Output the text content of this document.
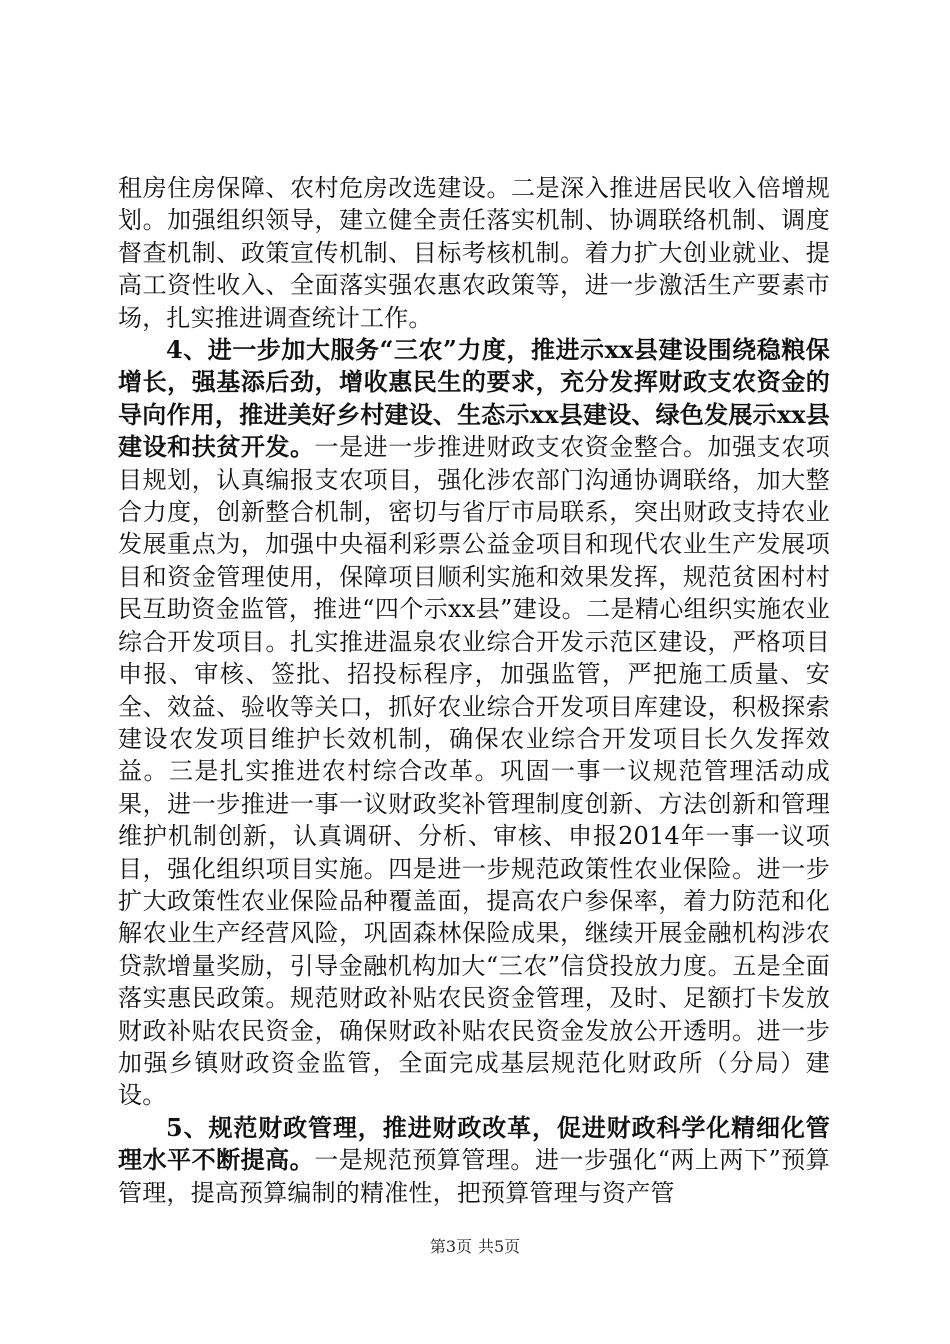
租房住房保障、农村危房改选建设。二是深入推进居民收入倍增规划。加强组织领导，建立健全责任落实机制、协调联络机制、调度督查机制、政策宣传机制、目标考核机制。着力扩大创业就业、提高工资性收入、全面落实强农惠农政策等，进一步激活生产要素市场，扎实推进调查统计工作。

4、进一步加大服务“三农”力度，推进示xx县建设围绕稳粮保增长，强基添后劲，增收惠民生的要求，充分发挥财政支农资金的导向作用，推进美好乡村建设、生态示xx县建设、绿色发展示xx县建设和扶贫开发。一是进一步推进财政支农资金整合。加强支农项目规划，认真编报支农项目，强化涉农部门沟通协调联络，加大整合力度，创新整合机制，密切与省厅市局联系，突出财政支持农业发展重点为，加强中央福利彩票公益金项目和现代农业生产发展项目和资金管理使用，保障项目顺利实施和效果发挥，规范贫困村村民互助资金监管，推进“四个示xx县”建设。二是精心组织实施农业综合开发项目。扎实推进温泉农业综合开发示范区建设，严格项目申报、审核、签批、招投标程序，加强监管，严把施工质量、安全、效益、验收等关口，抓好农业综合开发项目库建设，积极探索建设农发项目维护长效机制，确保农业综合开发项目长久发挥效益。三是扎实推进农村综合改革。巩固一事一议规范管理活动成果，进一步推进一事一议财政奖补管理制度创新、方法创新和管理维护机制创新，认真调研、分析、审核、申报2014年一事一议项目，强化组织项目实施。四是进一步规范政策性农业保险。进一步扩大政策性农业保险品种覆盖面，提高农户参保率，着力防范和化解农业生产经营风险，巩固森林保险成果，继续开展金融机构涉农贷款增量奖励，引导金融机构加大“三农”信贷投放力度。五是全面落实惠民政策。规范财政补贴农民资金管理，及时、足额打卡发放财政补贴农民资金，确保财政补贴农民资金发放公开透明。进一步加强乡镇财政资金监管，全面完成基层规范化财政所（分局）建设。

5、规范财政管理，推进财政改革，促进财政科学化精细化管理水平不断提高。一是规范预算管理。进一步强化“两上两下”预算管理，提高预算编制的精准性，把预算管理与资产管

第3页 共5页
